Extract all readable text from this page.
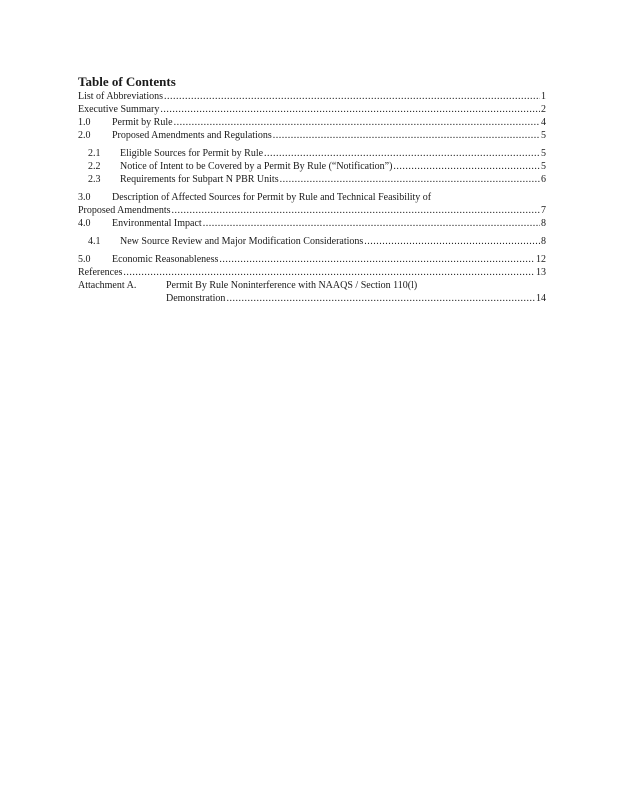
Table of Contents
List of Abbreviations .....	1
Executive Summary .....	2
1.0	Permit by Rule .....	4
2.0	Proposed Amendments and Regulations .....	5
2.1	Eligible Sources for Permit by Rule .....	5
2.2	Notice of Intent to be Covered by a Permit By Rule (“Notification”) .....	5
2.3	Requirements for Subpart N PBR Units .....	6
3.0 Description of Affected Sources for Permit by Rule and Technical Feasibility of
Proposed Amendments .....	7
4.0	Environmental Impact .....	8
4.1	New Source Review and Major Modification Considerations .....	8
5.0	Economic Reasonableness .....	12
References .....	13
Attachment A.	Permit By Rule Noninterference with NAAQS / Section 110(l)
Demonstration .....	14
